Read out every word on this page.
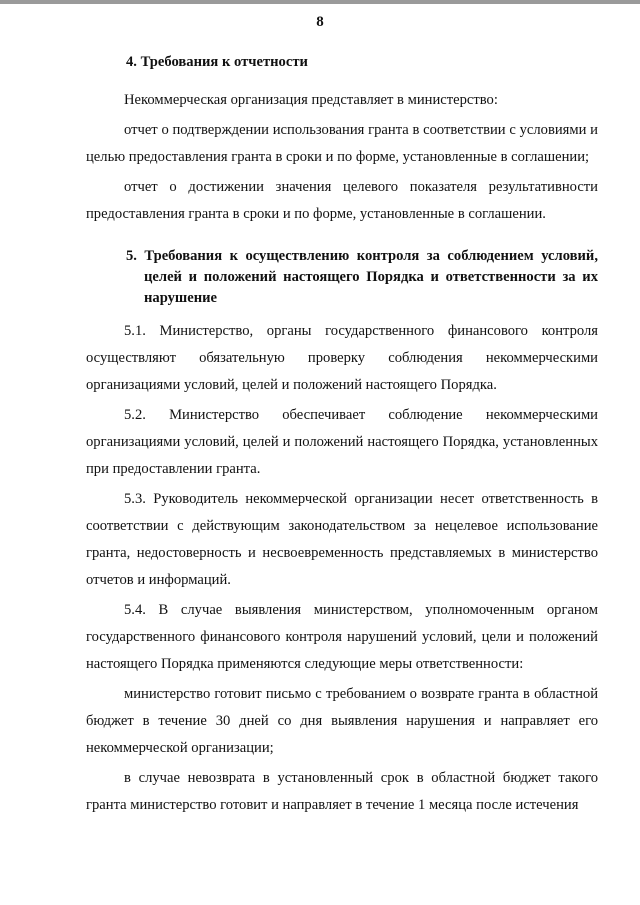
8
4. Требования к отчетности

Некоммерческая организация представляет в министерство:

отчет о подтверждении использования гранта в соответствии с условиями и целью предоставления гранта в сроки и по форме, установленные в соглашении;

отчет о достижении значения целевого показателя результативности предоставления гранта в сроки и по форме, установленные в соглашении.

5. Требования к осуществлению контроля за соблюдением условий, целей и положений настоящего Порядка и ответственности за их нарушение

5.1. Министерство, органы государственного финансового контроля осуществляют обязательную проверку соблюдения некоммерческими организациями условий, целей и положений настоящего Порядка.

5.2. Министерство обеспечивает соблюдение некоммерческими организациями условий, целей и положений настоящего Порядка, установленных при предоставлении гранта.

5.3. Руководитель некоммерческой организации несет ответственность в соответствии с действующим законодательством за нецелевое использование гранта, недостоверность и несвоевременность представляемых в министерство отчетов и информаций.

5.4. В случае выявления министерством, уполномоченным органом государственного финансового контроля нарушений условий, цели и положений настоящего Порядка применяются следующие меры ответственности:

министерство готовит письмо с требованием о возврате гранта в областной бюджет в течение 30 дней со дня выявления нарушения и направляет его некоммерческой организации;

в случае невозврата в установленный срок в областной бюджет такого гранта министерство готовит и направляет в течение 1 месяца после истечения
